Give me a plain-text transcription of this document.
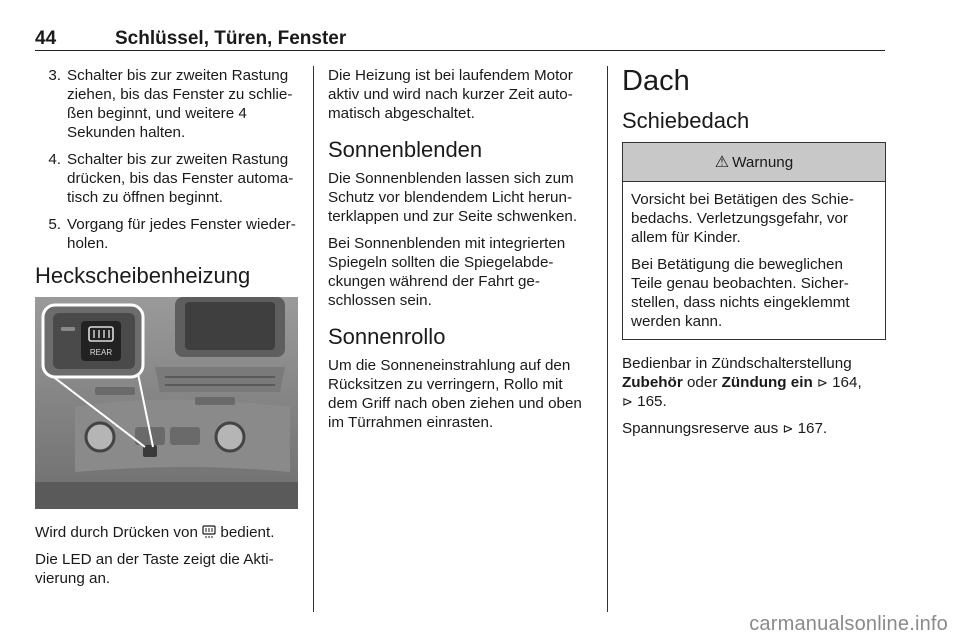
44	Schlüssel, Türen, Fenster
3. Schalter bis zur zweiten Rastung ziehen, bis das Fenster zu schließen beginnt, und weitere 4 Sekunden halten.
4. Schalter bis zur zweiten Rastung drücken, bis das Fenster automatisch zu öffnen beginnt.
5. Vorgang für jedes Fenster wiederholen.
Heckscheibenheizung
REAR

Wird durch Drücken von bedient.

Die LED an der Taste zeigt die Aktivierung an.

Die Heizung ist bei laufendem Motor aktiv und wird nach kurzer Zeit automatisch abgeschaltet.

Sonnenblenden

Die Sonnenblenden lassen sich zum Schutz vor blendendem Licht herunterklappen und zur Seite schwenken.

Bei Sonnenblenden mit integrierten Spiegeln sollten die Spiegelabdeckungen während der Fahrt geschlossen sein.

Sonnenrollo

Um die Sonneneinstrahlung auf den Rücksitzen zu verringern, Rollo mit dem Griff nach oben ziehen und oben im Türrahmen einrasten.

Dach
Schiebedach
⚠ Warnung

Vorsicht bei Betätigen des Schiebedachs. Verletzungsgefahr, vor allem für Kinder.

Bei Betätigung die beweglichen Teile genau beobachten. Sicherstellen, dass nichts eingeklemmt werden kann.

Bedienbar in Zündschalterstellung
Zubehör oder Zündung ein ⊳ 164,
⊳ 165.

Spannungsreserve aus ⊳ 167.

carmanualsonline.info
